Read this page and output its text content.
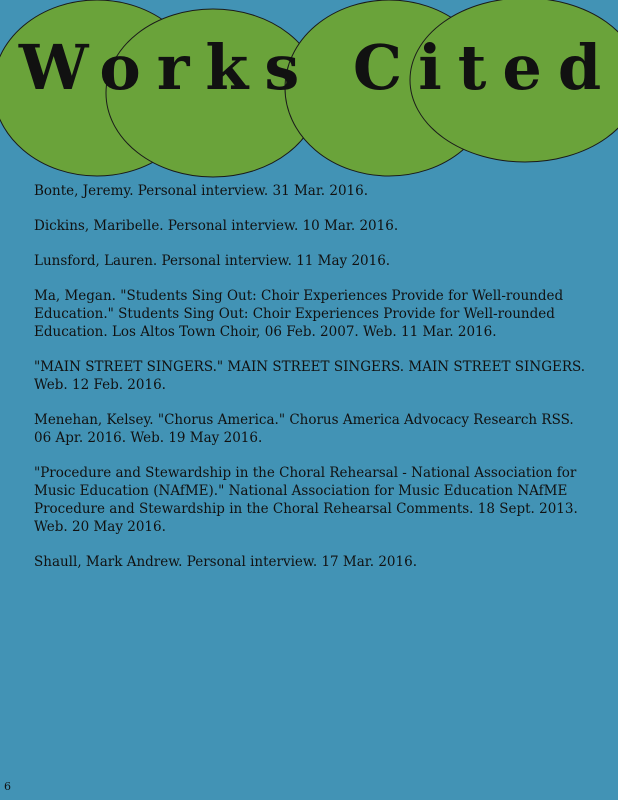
Works Cited

Bonte, Jeremy. Personal interview. 31 Mar. 2016.

Dickins, Maribelle. Personal interview. 10 Mar. 2016.

Lunsford, Lauren. Personal interview. 11 May 2016.

Ma, Megan. "Students Sing Out: Choir Experiences Provide for Well-rounded Education." Students Sing Out: Choir Experiences Provide for Well-rounded Education. Los Altos Town Choir, 06 Feb. 2007. Web. 11 Mar. 2016.

"MAIN STREET SINGERS." MAIN STREET SINGERS. MAIN STREET SINGERS. Web. 12 Feb. 2016.

Menehan, Kelsey. "Chorus America." Chorus America Advocacy Research RSS. 06 Apr. 2016. Web. 19 May 2016.

"Procedure and Stewardship in the Choral Rehearsal - National Association for Music Education (NAfME)." National Association for Music Education NAfME Procedure and Stewardship in the Choral Rehearsal Comments. 18 Sept. 2013. Web. 20 May 2016.

Shaull, Mark Andrew. Personal interview. 17 Mar. 2016.

6
